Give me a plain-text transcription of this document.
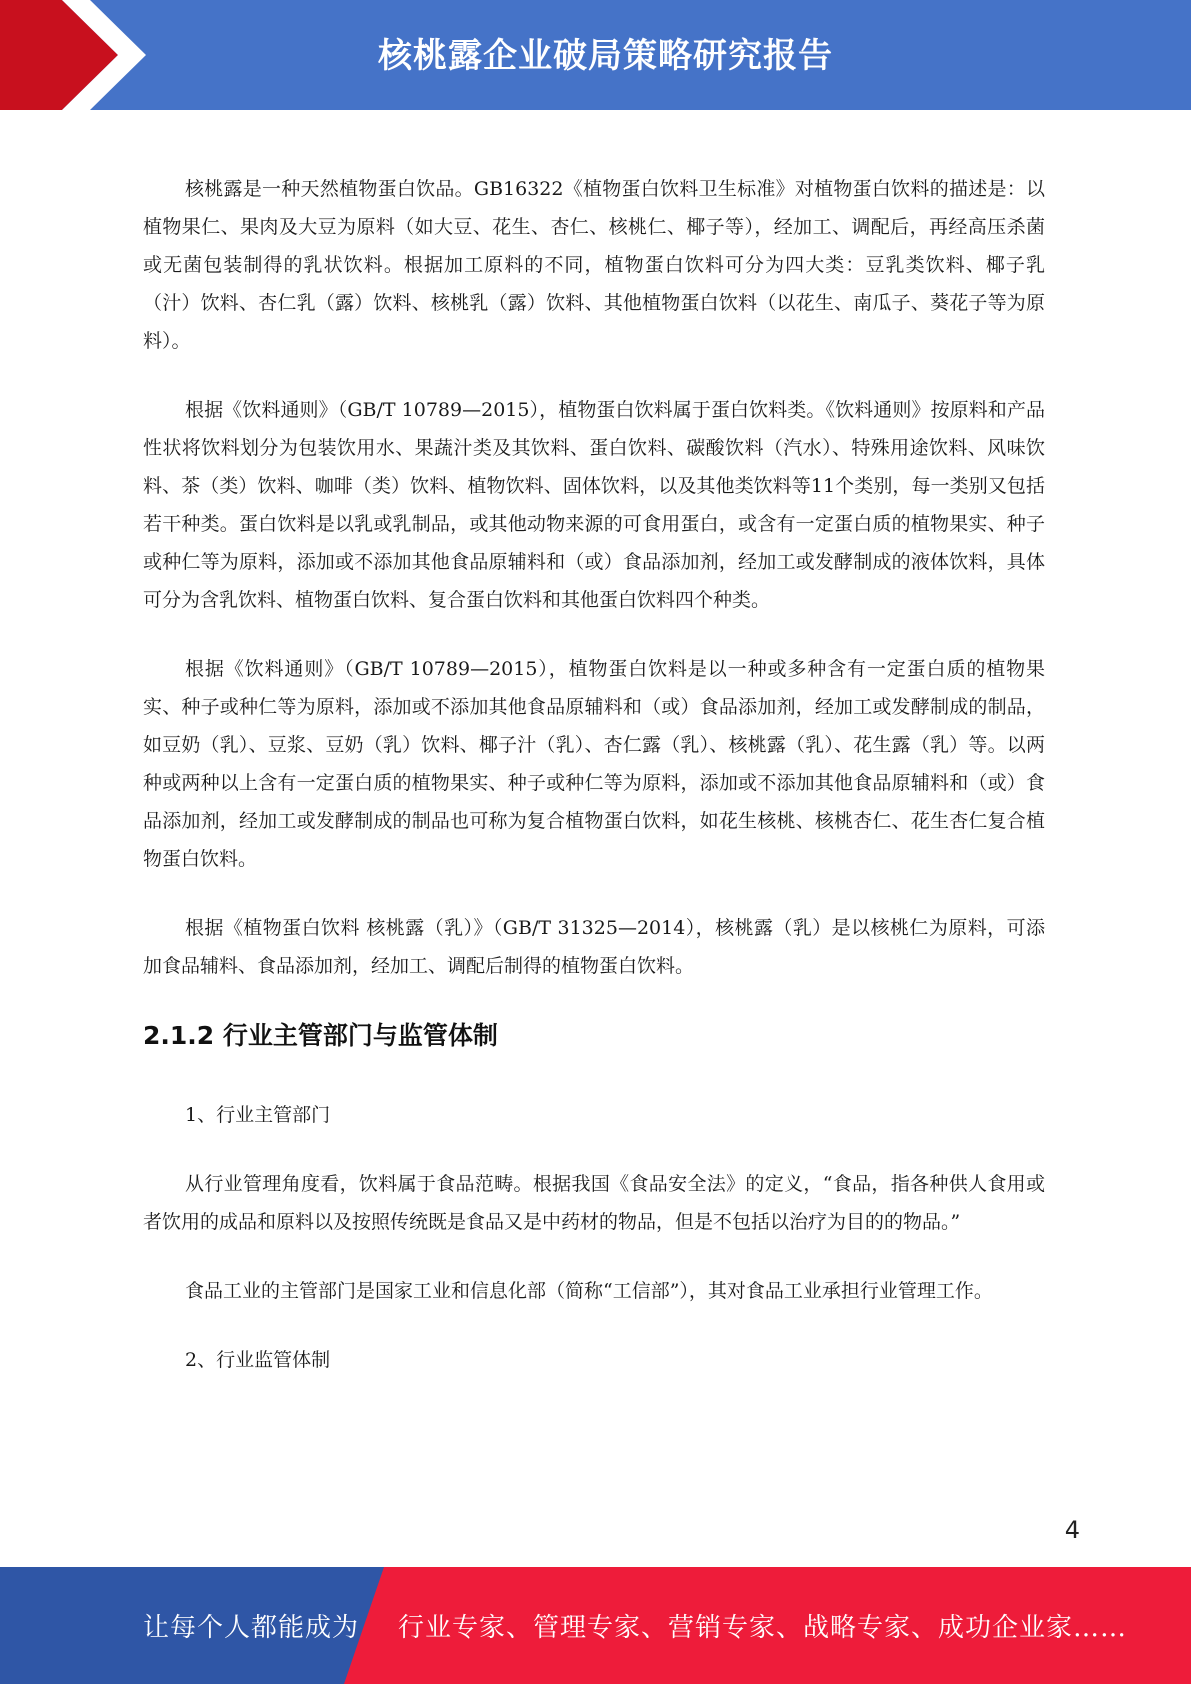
核桃露企业破局策略研究报告

核桃露是一种天然植物蛋白饮品。GB16322《植物蛋白饮料卫生标准》对植物蛋白饮料的描述是：以植物果仁、果肉及大豆为原料（如大豆、花生、杏仁、核桃仁、椰子等），经加工、调配后，再经高压杀菌或无菌包装制得的乳状饮料。根据加工原料的不同，植物蛋白饮料可分为四大类：豆乳类饮料、椰子乳（汁）饮料、杏仁乳（露）饮料、核桃乳（露）饮料、其他植物蛋白饮料（以花生、南瓜子、葵花子等为原料）。

根据《饮料通则》（GB/T 10789—2015），植物蛋白饮料属于蛋白饮料类。《饮料通则》按原料和产品性状将饮料划分为包装饮用水、果蔬汁类及其饮料、蛋白饮料、碳酸饮料（汽水）、特殊用途饮料、风味饮料、茶（类）饮料、咖啡（类）饮料、植物饮料、固体饮料，以及其他类饮料等11个类别，每一类别又包括若干种类。蛋白饮料是以乳或乳制品，或其他动物来源的可食用蛋白，或含有一定蛋白质的植物果实、种子或种仁等为原料，添加或不添加其他食品原辅料和（或）食品添加剂，经加工或发酵制成的液体饮料，具体可分为含乳饮料、植物蛋白饮料、复合蛋白饮料和其他蛋白饮料四个种类。

根据《饮料通则》（GB/T 10789—2015），植物蛋白饮料是以一种或多种含有一定蛋白质的植物果实、种子或种仁等为原料，添加或不添加其他食品原辅料和（或）食品添加剂，经加工或发酵制成的制品，如豆奶（乳）、豆浆、豆奶（乳）饮料、椰子汁（乳）、杏仁露（乳）、核桃露（乳）、花生露（乳）等。以两种或两种以上含有一定蛋白质的植物果实、种子或种仁等为原料，添加或不添加其他食品原辅料和（或）食品添加剂，经加工或发酵制成的制品也可称为复合植物蛋白饮料，如花生核桃、核桃杏仁、花生杏仁复合植物蛋白饮料。

根据《植物蛋白饮料 核桃露（乳）》（GB/T 31325—2014），核桃露（乳）是以核桃仁为原料，可添加食品辅料、食品添加剂，经加工、调配后制得的植物蛋白饮料。

2.1.2 行业主管部门与监管体制

1、行业主管部门

从行业管理角度看，饮料属于食品范畴。根据我国《食品安全法》的定义，“食品，指各种供人食用或者饮用的成品和原料以及按照传统既是食品又是中药材的物品，但是不包括以治疗为目的的物品。”

食品工业的主管部门是国家工业和信息化部（简称“工信部”），其对食品工业承担行业管理工作。

2、行业监管体制

4
让每个人都能成为 行业专家、管理专家、营销专家、战略专家、成功企业家……
